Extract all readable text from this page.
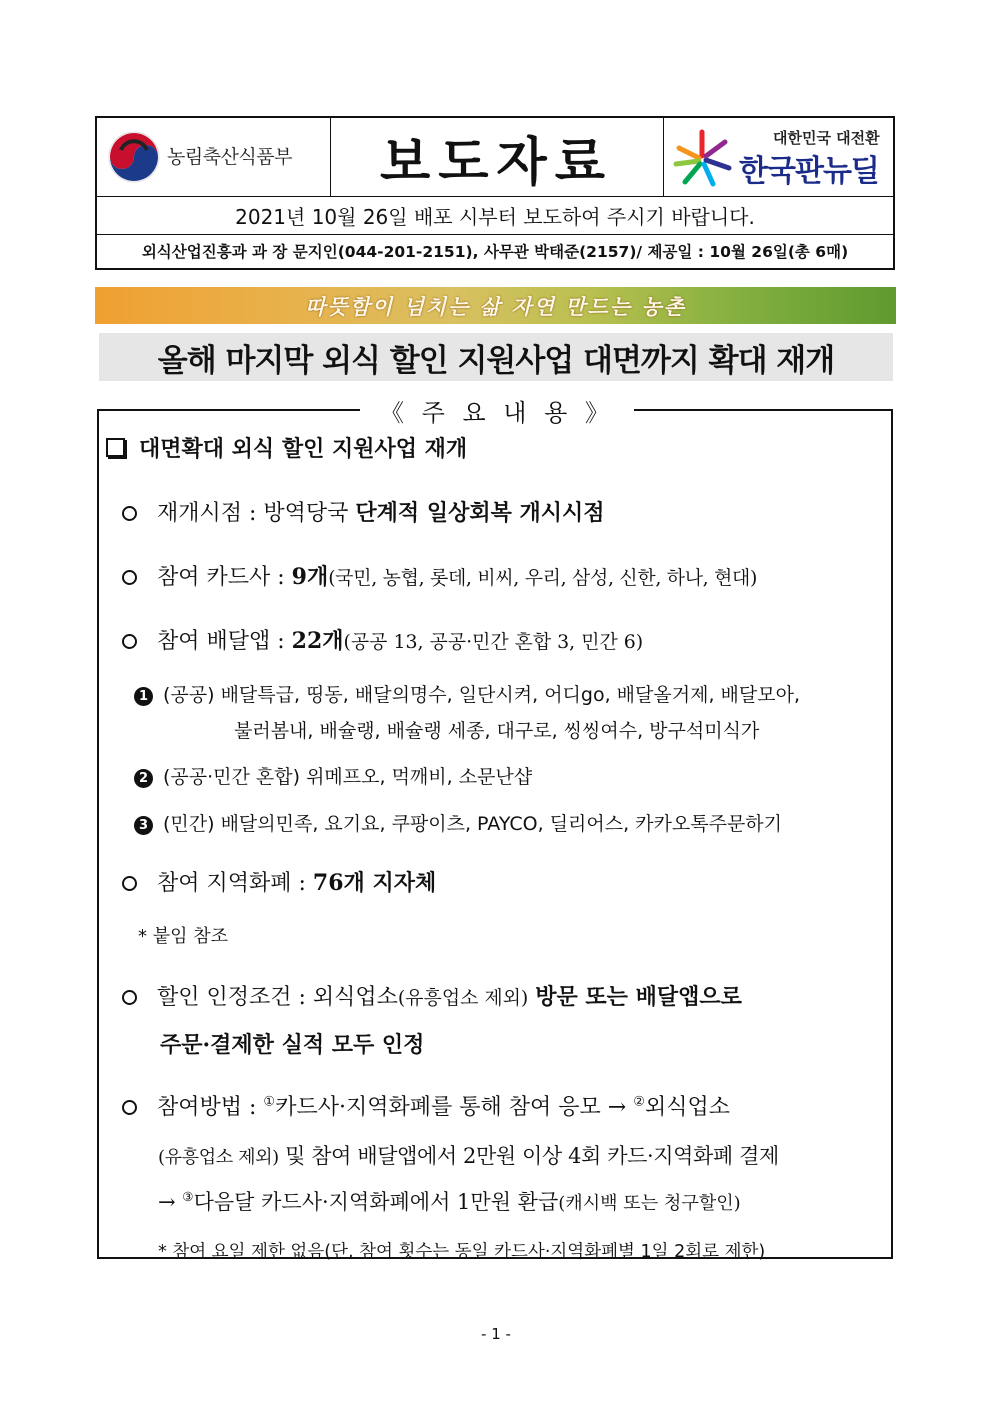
농림축산식품부	보도자료	대한민국 대전환
한국판뉴딜
2021년 10월 26일 배포 시부터 보도하여 주시기 바랍니다.
외식산업진흥과 과 장 문지인(044-201-2151), 사무관 박태준(2157)/ 제공일 : 10월 26일(총 6매)
따뜻함이 넘치는 삶 자연 만드는 농촌
올해 마지막 외식 할인 지원사업 대면까지 확대 재개
《 주 요 내 용 》
대면확대 외식 할인 지원사업 재개
재개시점 : 방역당국 단계적 일상회복 개시시점
참여 카드사 : 9개(국민, 농협, 롯데, 비씨, 우리, 삼성, 신한, 하나, 현대)
참여 배달앱 : 22개(공공 13, 공공·민간 혼합 3, 민간 6)
1 (공공) 배달특급, 띵동, 배달의명수, 일단시켜, 어디go, 배달올거제, 배달모아,
불러봄내, 배슐랭, 배슐랭 세종, 대구로, 씽씽여수, 방구석미식가
2 (공공·민간 혼합) 위메프오, 먹깨비, 소문난샵
3 (민간) 배달의민족, 요기요, 쿠팡이츠, PAYCO, 딜리어스, 카카오톡주문하기
참여 지역화폐 : 76개 지자체
* 붙임 참조
할인 인정조건 : 외식업소(유흥업소 제외) 방문 또는 배달앱으로
주문·결제한 실적 모두 인정
참여방법 : ①카드사·지역화폐를 통해 참여 응모 → ②외식업소
(유흥업소 제외) 및 참여 배달앱에서 2만원 이상 4회 카드·지역화폐 결제
→ ③다음달 카드사·지역화폐에서 1만원 환급(캐시백 또는 청구할인)
* 참여 요일 제한 없음(단, 참여 횟수는 동일 카드사·지역화폐별 1일 2회로 제한)
- 1 -
